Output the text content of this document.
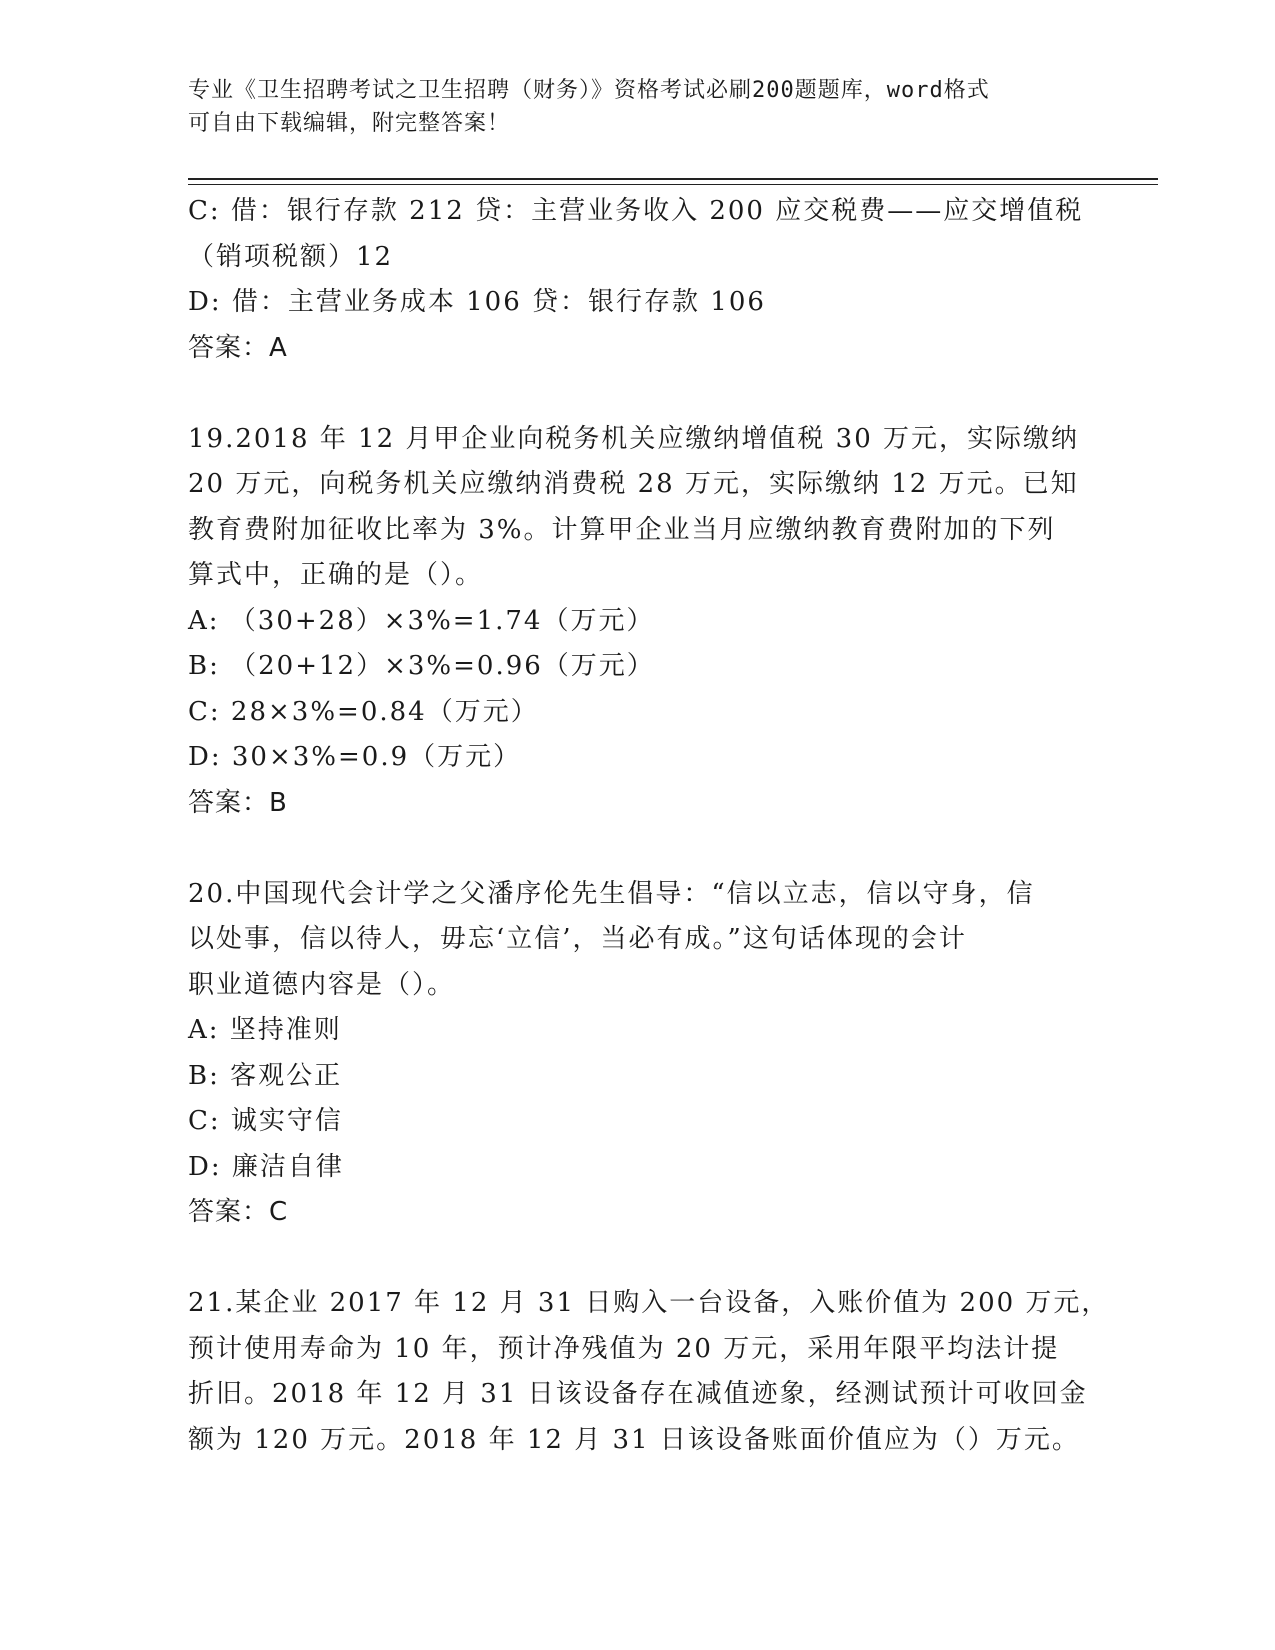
专业《卫生招聘考试之卫生招聘（财务）》资格考试必刷200题题库，word格式
可自由下载编辑，附完整答案！
C: 借：银行存款 212 贷：主营业务收入 200 应交税费——应交增值税
（销项税额）12
D: 借：主营业务成本 106 贷：银行存款 106
答案：A
19.2018 年 12 月甲企业向税务机关应缴纳增值税 30 万元，实际缴纳
20 万元，向税务机关应缴纳消费税 28 万元，实际缴纳 12 万元。已知
教育费附加征收比率为 3%。计算甲企业当月应缴纳教育费附加的下列
算式中，正确的是（）。
A: （30+28）×3%=1.74（万元）
B: （20+12）×3%=0.96（万元）
C: 28×3%=0.84（万元）
D: 30×3%=0.9（万元）
答案：B
20.中国现代会计学之父潘序伦先生倡导：“信以立志，信以守身，信
以处事，信以待人，毋忘‘立信’，当必有成。”这句话体现的会计
职业道德内容是（）。
A: 坚持准则
B: 客观公正
C: 诚实守信
D: 廉洁自律
答案：C
21.某企业 2017 年 12 月 31 日购入一台设备，入账价值为 200 万元，
预计使用寿命为 10 年，预计净残值为 20 万元，采用年限平均法计提
折旧。2018 年 12 月 31 日该设备存在减值迹象，经测试预计可收回金
额为 120 万元。2018 年 12 月 31 日该设备账面价值应为（）万元。
